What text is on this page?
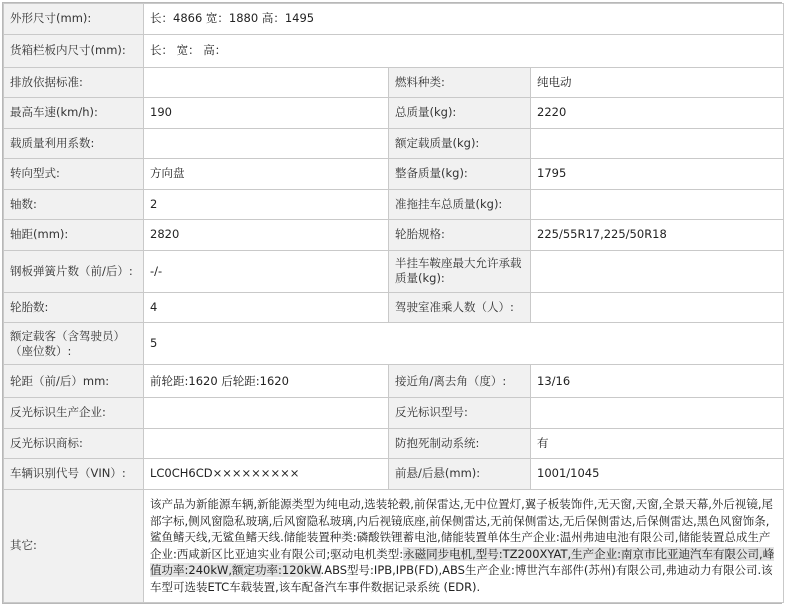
外形尺寸(mm):	长：4866 宽：1880 高：1495		
货箱栏板内尺寸(mm):	长： 宽： 高：		
排放依据标准:		燃料种类:	纯电动
最高车速(km/h):	190	总质量(kg):	2220
载质量利用系数:		额定载质量(kg):	
转向型式:	方向盘	整备质量(kg):	1795
轴数:	2	准拖挂车总质量(kg):	
轴距(mm):	2820	轮胎规格:	225/55R17,225/50R18
钢板弹簧片数（前/后）:	-/-	半挂车鞍座最大允许承载质量(kg):	
轮胎数:	4	驾驶室准乘人数（人）:	
额定载客（含驾驶员）（座位数）:	5		
轮距（前/后）mm:	前轮距:1620 后轮距:1620	接近角/离去角（度）:	13/16
反光标识生产企业:		反光标识型号:	
反光标识商标:		防抱死制动系统:	有
车辆识别代号（VIN）:	LC0CH6CD×××××××××	前悬/后悬(mm):	1001/1045
其它:	该产品为新能源车辆,新能源类型为纯电动,选装轮毂,前保雷达,无中位置灯,翼子板装饰件,无天窗,天窗,全景天幕,外后视镜,尾部字标,侧风窗隐私玻璃,后风窗隐私玻璃,内后视镜底座,前保侧雷达,无前保侧雷达,无后保侧雷达,后保侧雷达,黑色风窗饰条,鲨鱼鳍天线,无鲨鱼鳍天线.储能装置种类:磷酸铁锂蓄电池,储能装置单体生产企业:温州弗迪电池有限公司,储能装置总成生产企业:西咸新区比亚迪实业有限公司;驱动电机类型:永磁同步电机,型号:TZ200XYAT,生产企业:南京市比亚迪汽车有限公司,峰值功率:240kW,额定功率:120kW.ABS型号:IPB,IPB(FD),ABS生产企业:博世汽车部件(苏州)有限公司,弗迪动力有限公司.该车型可选装ETC车载装置,该车配备汽车事件数据记录系统 (EDR).		
